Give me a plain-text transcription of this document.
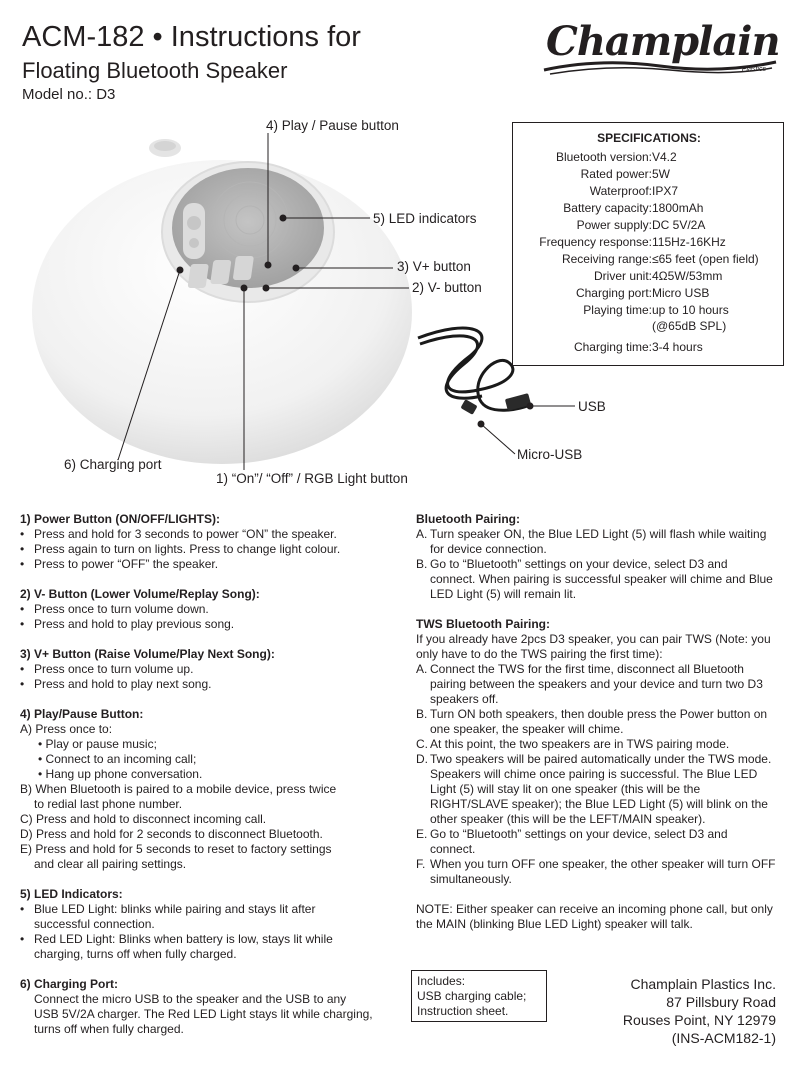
ACM-182 • Instructions for
Floating Bluetooth Speaker
Model no.: D3
Champlain
Plastics
4) Play / Pause button
5) LED indicators
3) V+ button
2) V- button
6) Charging port
1) “On”/ “Off” / RGB Light button
USB
Micro-USB
SPECIFICATIONS:
Bluetooth version: V4.2
Rated power: 5W
Waterproof: IPX7
Battery capacity: 1800mAh
Power supply: DC 5V/2A
Frequency response: 115Hz-16KHz
Receiving range: ≤65 feet (open field)
Driver unit: 4Ω5W/53mm
Charging port: Micro USB
Playing time: up to 10 hours
(@65dB SPL)
Charging time: 3-4 hours
1) Power Button (ON/OFF/LIGHTS):
• Press and hold for 3 seconds to power “ON” the speaker.
• Press again to turn on lights. Press to change light colour.
• Press to power “OFF” the speaker.
2) V- Button (Lower Volume/Replay Song):
• Press once to turn volume down.
• Press and hold to play previous song.
3) V+ Button (Raise Volume/Play Next Song):
• Press once to turn volume up.
• Press and hold to play next song.
4) Play/Pause Button:
A) Press once to:
• Play or pause music;
• Connect to an incoming call;
• Hang up phone conversation.
B) When Bluetooth is paired to a mobile device, press twice
to redial last phone number.
C) Press and hold to disconnect incoming call.
D) Press and hold for 2 seconds to disconnect Bluetooth.
E) Press and hold for 5 seconds to reset to factory settings
and clear all pairing settings.
5) LED Indicators:
• Blue LED Light: blinks while pairing and stays lit after
successful connection.
• Red LED Light: Blinks when battery is low, stays lit while
charging, turns off when fully charged.
6) Charging Port:
Connect the micro USB to the speaker and the USB to any
USB 5V/2A charger. The Red LED Light stays lit while charging,
turns off when fully charged.
Bluetooth Pairing:
A. Turn speaker ON, the Blue LED Light (5) will flash while waiting
for device connection.
B. Go to “Bluetooth” settings on your device, select D3 and
connect. When pairing is successful speaker will chime and Blue
LED Light (5) will remain lit.
TWS Bluetooth Pairing:
If you already have 2pcs D3 speaker, you can pair TWS (Note: you
only have to do the TWS pairing the first time):
A. Connect the TWS for the first time, disconnect all Bluetooth
pairing between the speakers and your device and turn two D3
speakers off.
B. Turn ON both speakers, then double press the Power button on
one speaker, the speaker will chime.
C. At this point, the two speakers are in TWS pairing mode.
D. Two speakers will be paired automatically under the TWS mode.
Speakers will chime once pairing is successful. The Blue LED
Light (5) will stay lit on one speaker (this will be the
RIGHT/SLAVE speaker); the Blue LED Light (5) will blink on the
other speaker (this will be the LEFT/MAIN speaker).
E. Go to “Bluetooth” settings on your device, select D3 and
connect.
F. When you turn OFF one speaker, the other speaker will turn OFF
simultaneously.
NOTE: Either speaker can receive an incoming phone call, but only
the MAIN (blinking Blue LED Light) speaker will talk.
Includes:
USB charging cable;
Instruction sheet.
Champlain Plastics Inc.
87 Pillsbury Road
Rouses Point, NY 12979
(INS-ACM182-1)
